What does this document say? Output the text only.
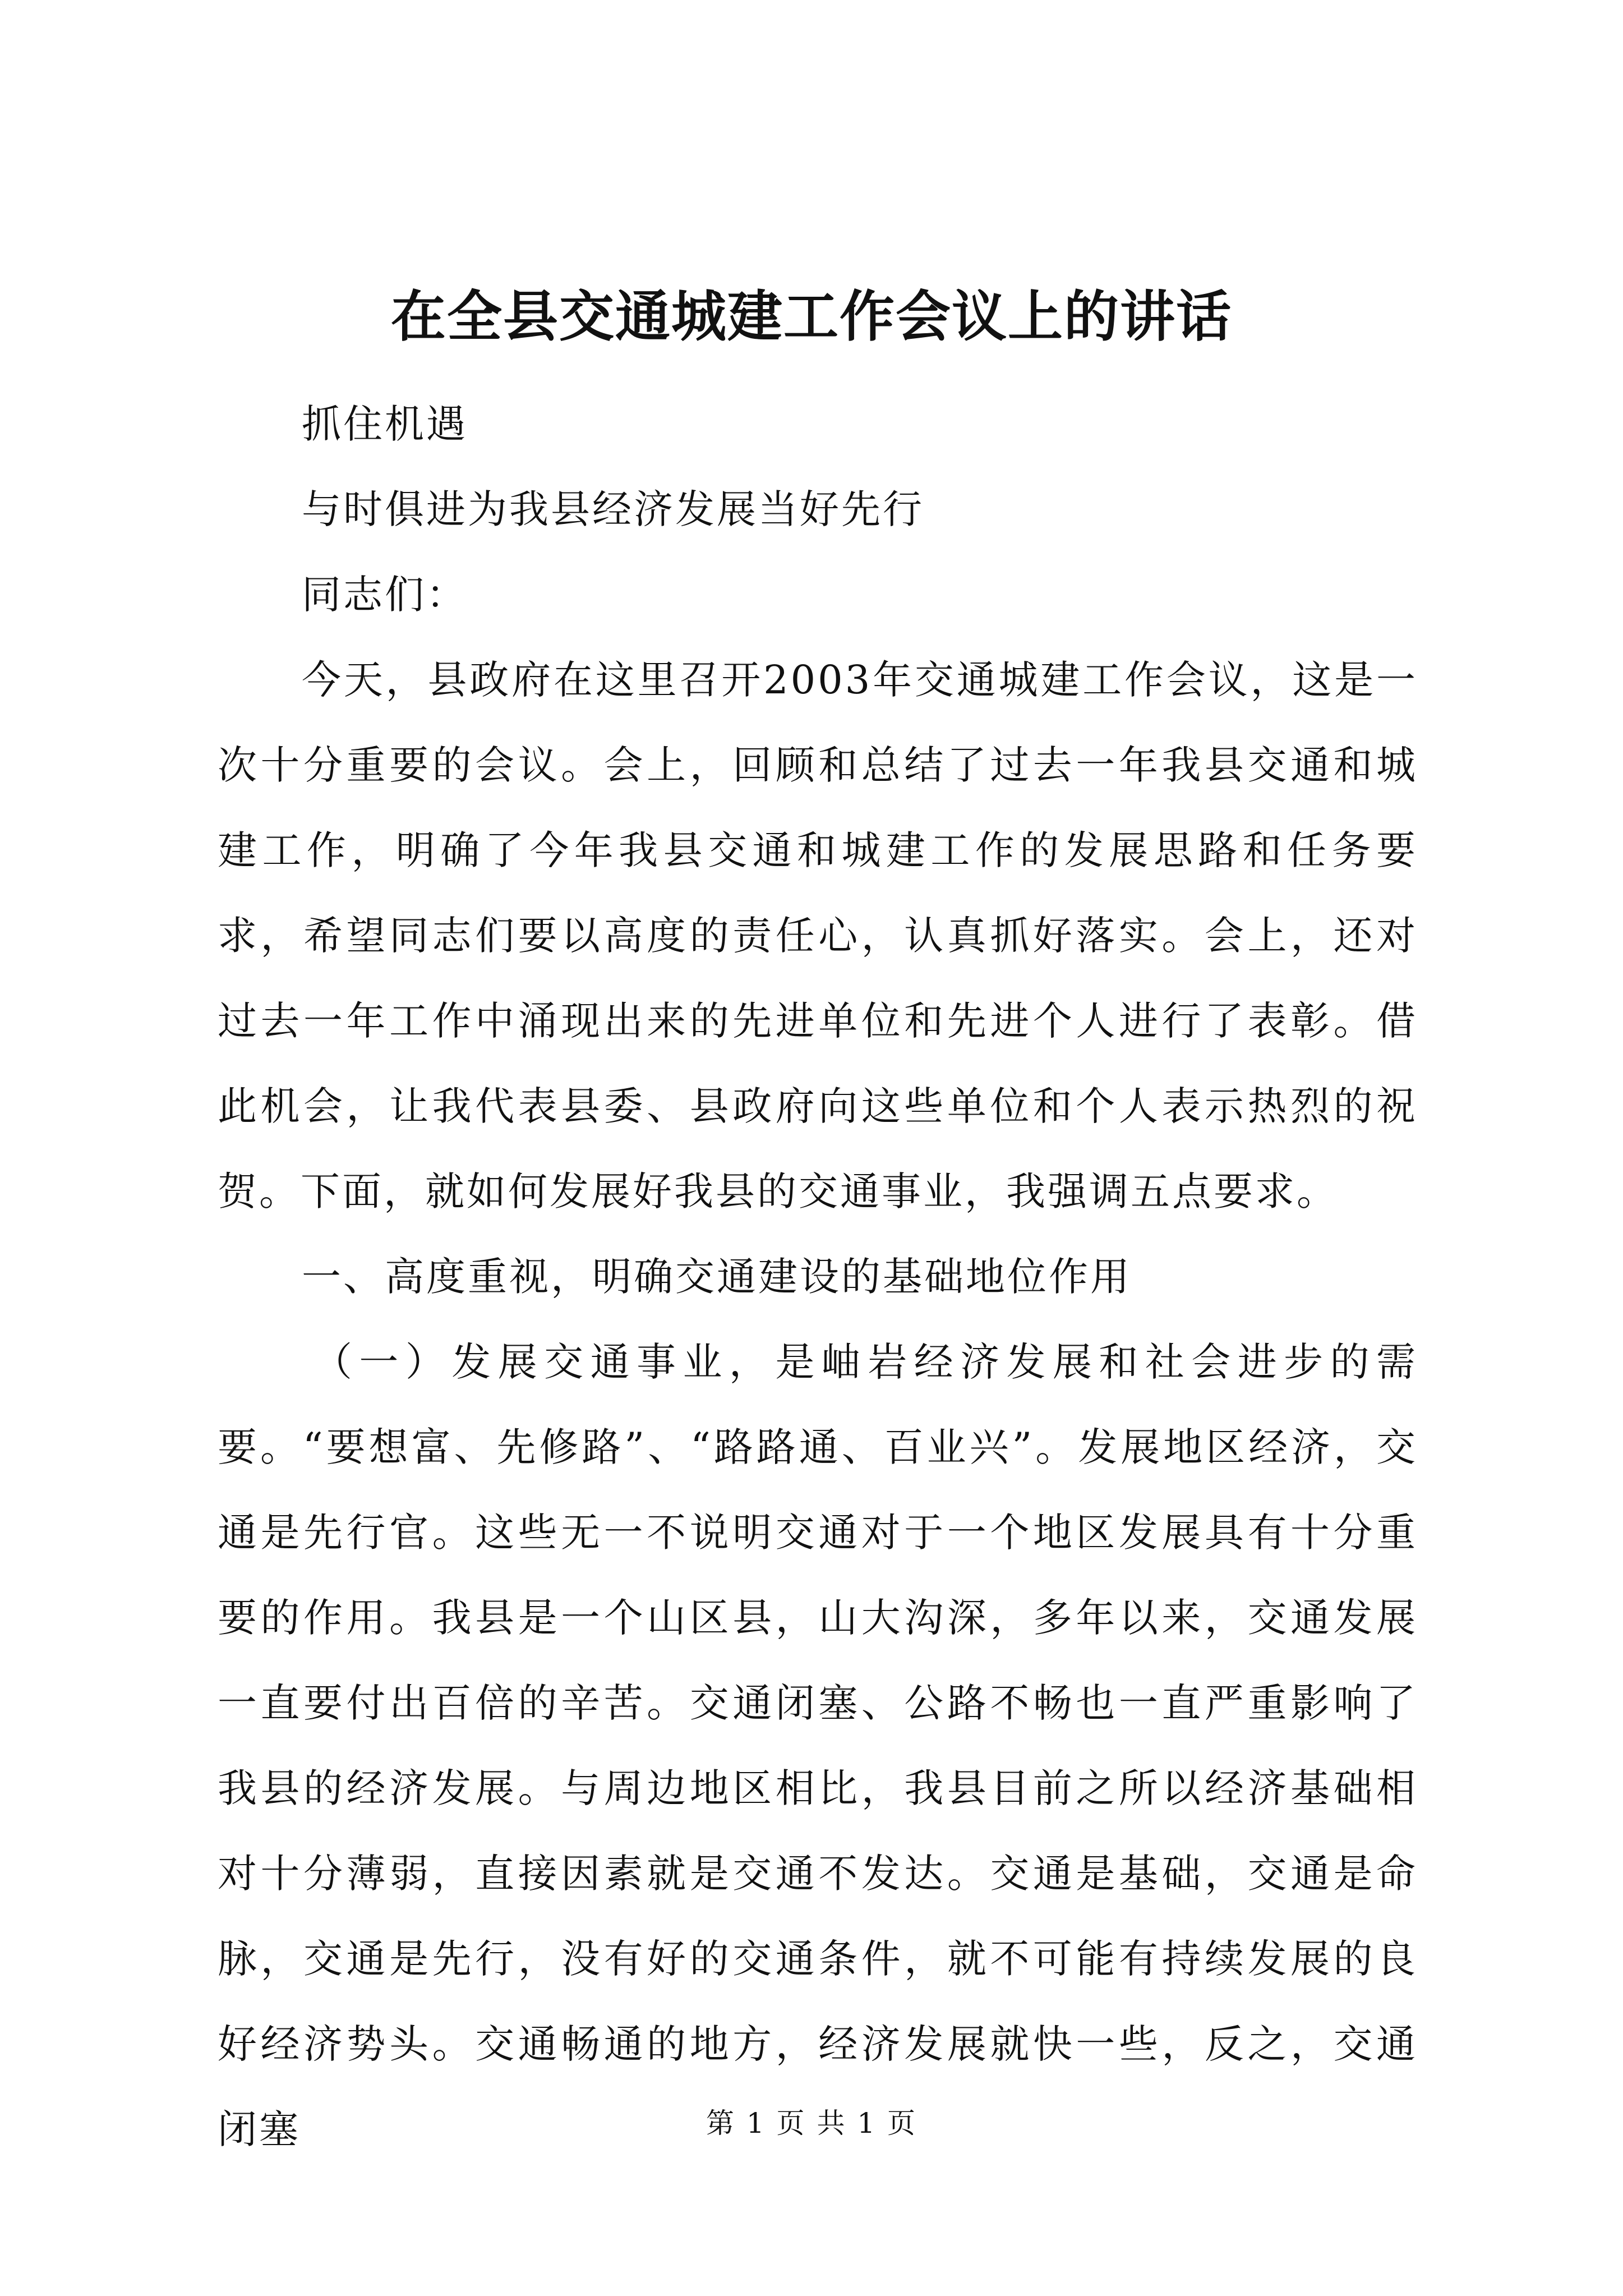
在全县交通城建工作会议上的讲话

抓住机遇

与时俱进为我县经济发展当好先行

同志们：

今天，县政府在这里召开2003年交通城建工作会议，这是一次十分重要的会议。会上，回顾和总结了过去一年我县交通和城建工作，明确了今年我县交通和城建工作的发展思路和任务要求，希望同志们要以高度的责任心，认真抓好落实。会上，还对过去一年工作中涌现出来的先进单位和先进个人进行了表彰。借此机会，让我代表县委、县政府向这些单位和个人表示热烈的祝贺。下面，就如何发展好我县的交通事业，我强调五点要求。

一、高度重视，明确交通建设的基础地位作用

（一）发展交通事业，是岫岩经济发展和社会进步的需要。“要想富、先修路”、“路路通、百业兴”。发展地区经济，交通是先行官。这些无一不说明交通对于一个地区发展具有十分重要的作用。我县是一个山区县，山大沟深，多年以来，交通发展一直要付出百倍的辛苦。交通闭塞、公路不畅也一直严重影响了我县的经济发展。与周边地区相比，我县目前之所以经济基础相对十分薄弱，直接因素就是交通不发达。交通是基础，交通是命脉，交通是先行，没有好的交通条件，就不可能有持续发展的良好经济势头。交通畅通的地方，经济发展就快一些，反之，交通闭塞	第 1 页 共 1 页
